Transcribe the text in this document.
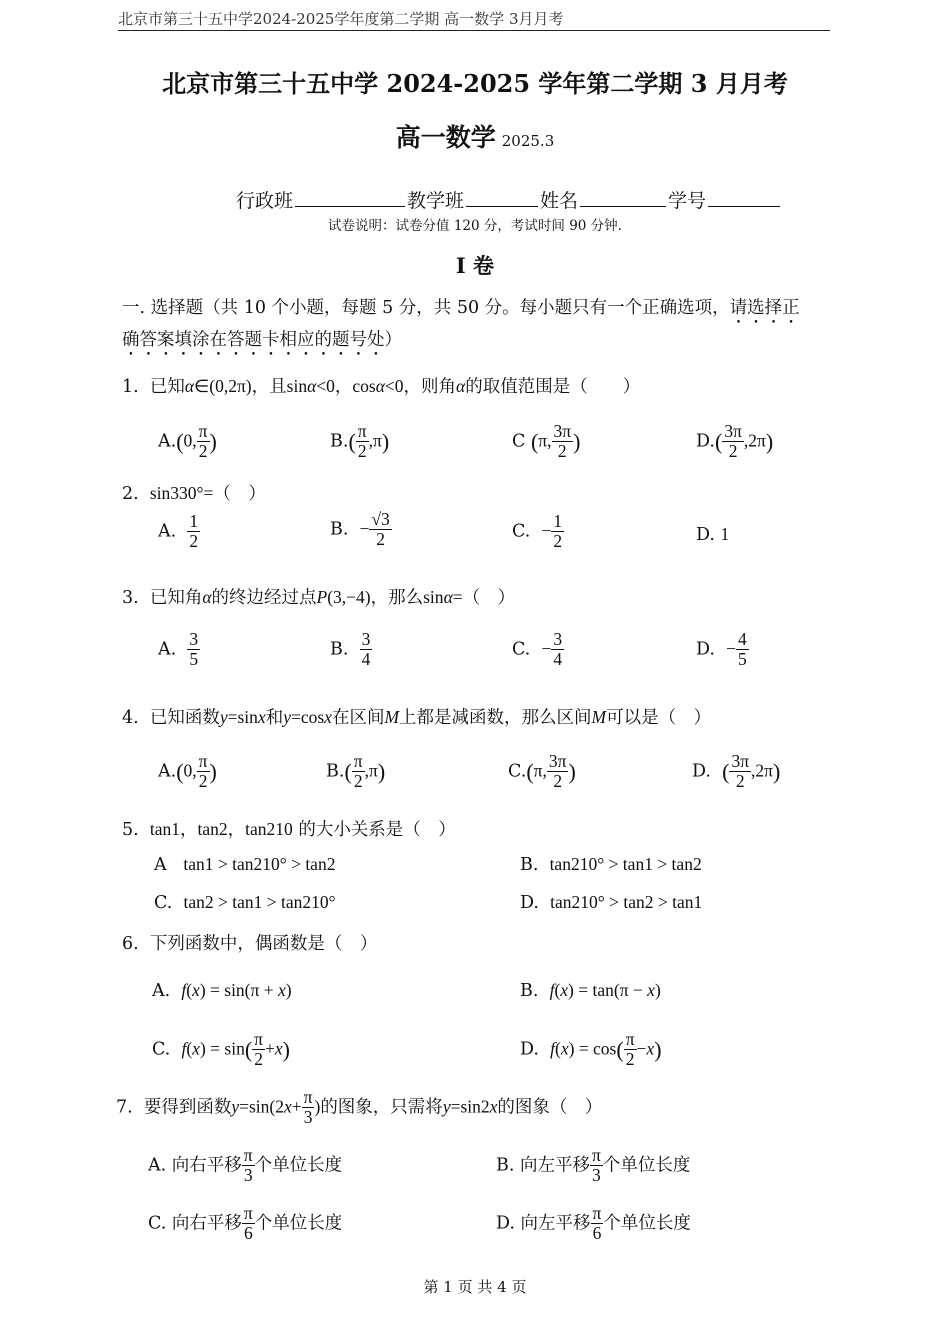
北京市第三十五中学2024-2025学年度第二学期 高一数学 3月月考
北京市第三十五中学 2024-2025 学年第二学期 3 月月考
高一数学 2025.3
行政班	教学班	姓名	学号
试卷说明：试卷分值 120 分，考试时间 90 分钟.
I 卷
一. 选择题（共 10 个小题，每题 5 分，共 50 分。每小题只有一个正确选项，请选择正
确答案填涂在答题卡相应的题号处）
1.  已知α∈(0,2π)，且sinα<0，cosα<0，则角α的取值范围是（　　）
A.(0, $\frac{\pi}{2}$ )	$B.( \frac{\pi}{2} ,\pi)$	C (π, $\frac{3\pi}{2}$ )	$D.( \frac{3\pi}{2} ,2\pi)$
2.  sin330°=（　）
A. $\frac{1}{2}$	B.  − $\frac{√3}{2}$	C.  − $\frac{1}{2}$	D. 1
3.  已知角α的终边经过点P(3,−4)，那么sinα=（　）
A. $\frac{3}{5}$	B. $\frac{3}{4}$	C.  − $\frac{3}{4}$	D.  − $\frac{4}{5}$
4.  已知函数y=sinx和y=cosx在区间M上都是减函数，那么区间M可以是（　）
A.(0, $\frac{\pi}{2}$ )	$B.( \frac{\pi}{2} ,\pi)$	C.(π, $\frac{3\pi}{2}$ )	D.  ( $\frac{3\pi}{2} ,2\pi$)
5.  tan1，tan2，tan210 的大小关系是（　）
A   tan1 > tan210° > tan2	B.  tan210° > tan1 > tan2
C.  tan2 > tan1 > tan210°	D.  tan210° > tan2 > tan1
6.  下列函数中，偶函数是（　）
A.  f(x) = sin(π + x)	B.  f(x) = tan(π − x)
C.  $f(x) = \sin( \frac{\pi}{2} +x)$	D.  $f(x) = \cos( \frac{\pi}{2} -x)$
7.  要得到函数$y=\sin(2x+ \frac{\pi}{3}$ )的图象，只需将y=sin2x的图象（　）
A. 向右平移 $\frac{\pi}{3}$ 个单位长度	B. 向左平移 $\frac{\pi}{3}$ 个单位长度
C. 向右平移 $\frac{\pi}{6}$ 个单位长度	D. 向左平移 $\frac{\pi}{6}$ 个单位长度
第 1 页 共 4 页
